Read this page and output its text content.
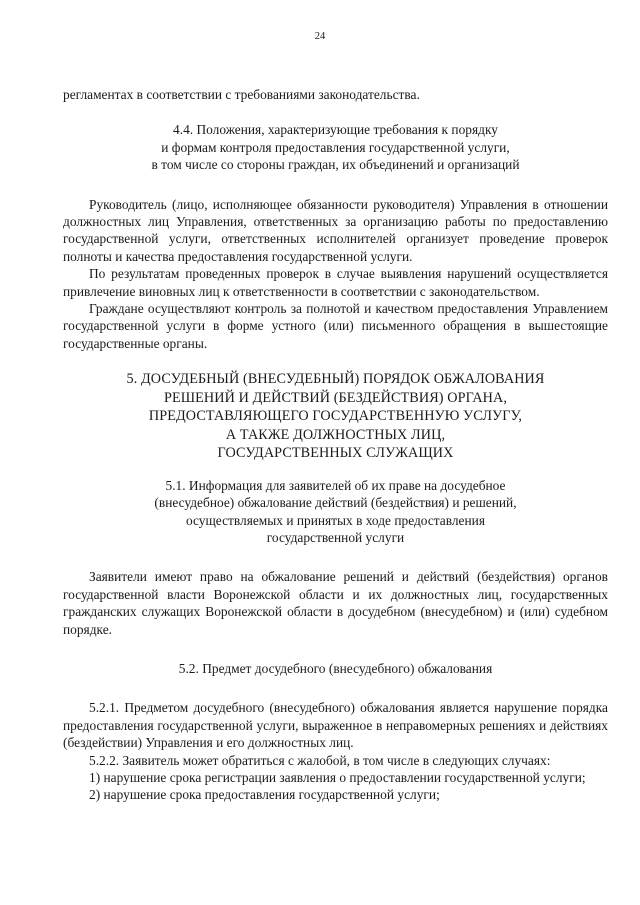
24

регламентах в соответствии с требованиями законодательства.

4.4. Положения, характеризующие требования к порядку

и формам контроля предоставления государственной услуги,

в том числе со стороны граждан, их объединений и организаций

Руководитель (лицо, исполняющее обязанности руководителя) Управления в отношении должностных лиц Управления, ответственных за организацию работы по предоставлению государственной услуги, ответственных исполнителей организует проведение проверок полноты и качества предоставления государственной услуги.

По результатам проведенных проверок в случае выявления нарушений осуществляется привлечение виновных лиц к ответственности в соответствии с законодательством.

Граждане осуществляют контроль за полнотой и качеством предоставления Управлением государственной услуги в форме устного (или) письменного обращения в вышестоящие государственные органы.

5. ДОСУДЕБНЫЙ (ВНЕСУДЕБНЫЙ) ПОРЯДОК ОБЖАЛОВАНИЯ

РЕШЕНИЙ И ДЕЙСТВИЙ (БЕЗДЕЙСТВИЯ) ОРГАНА,

ПРЕДОСТАВЛЯЮЩЕГО ГОСУДАРСТВЕННУЮ УСЛУГУ,

А ТАКЖЕ ДОЛЖНОСТНЫХ ЛИЦ,

ГОСУДАРСТВЕННЫХ СЛУЖАЩИХ

5.1. Информация для заявителей об их праве на досудебное

(внесудебное) обжалование действий (бездействия) и решений,

осуществляемых и принятых в ходе предоставления

государственной услуги

Заявители имеют право на обжалование решений и действий (бездействия) органов государственной власти Воронежской области и их должностных лиц, государственных гражданских служащих Воронежской области в досудебном (внесудебном) и (или) судебном порядке.

5.2. Предмет досудебного (внесудебного) обжалования

5.2.1. Предметом досудебного (внесудебного) обжалования является нарушение порядка предоставления государственной услуги, выраженное в неправомерных решениях и действиях (бездействии) Управления и его должностных лиц.

5.2.2. Заявитель может обратиться с жалобой, в том числе в следующих случаях:

1) нарушение срока регистрации заявления о предоставлении государственной услуги;

2) нарушение срока предоставления государственной услуги;
